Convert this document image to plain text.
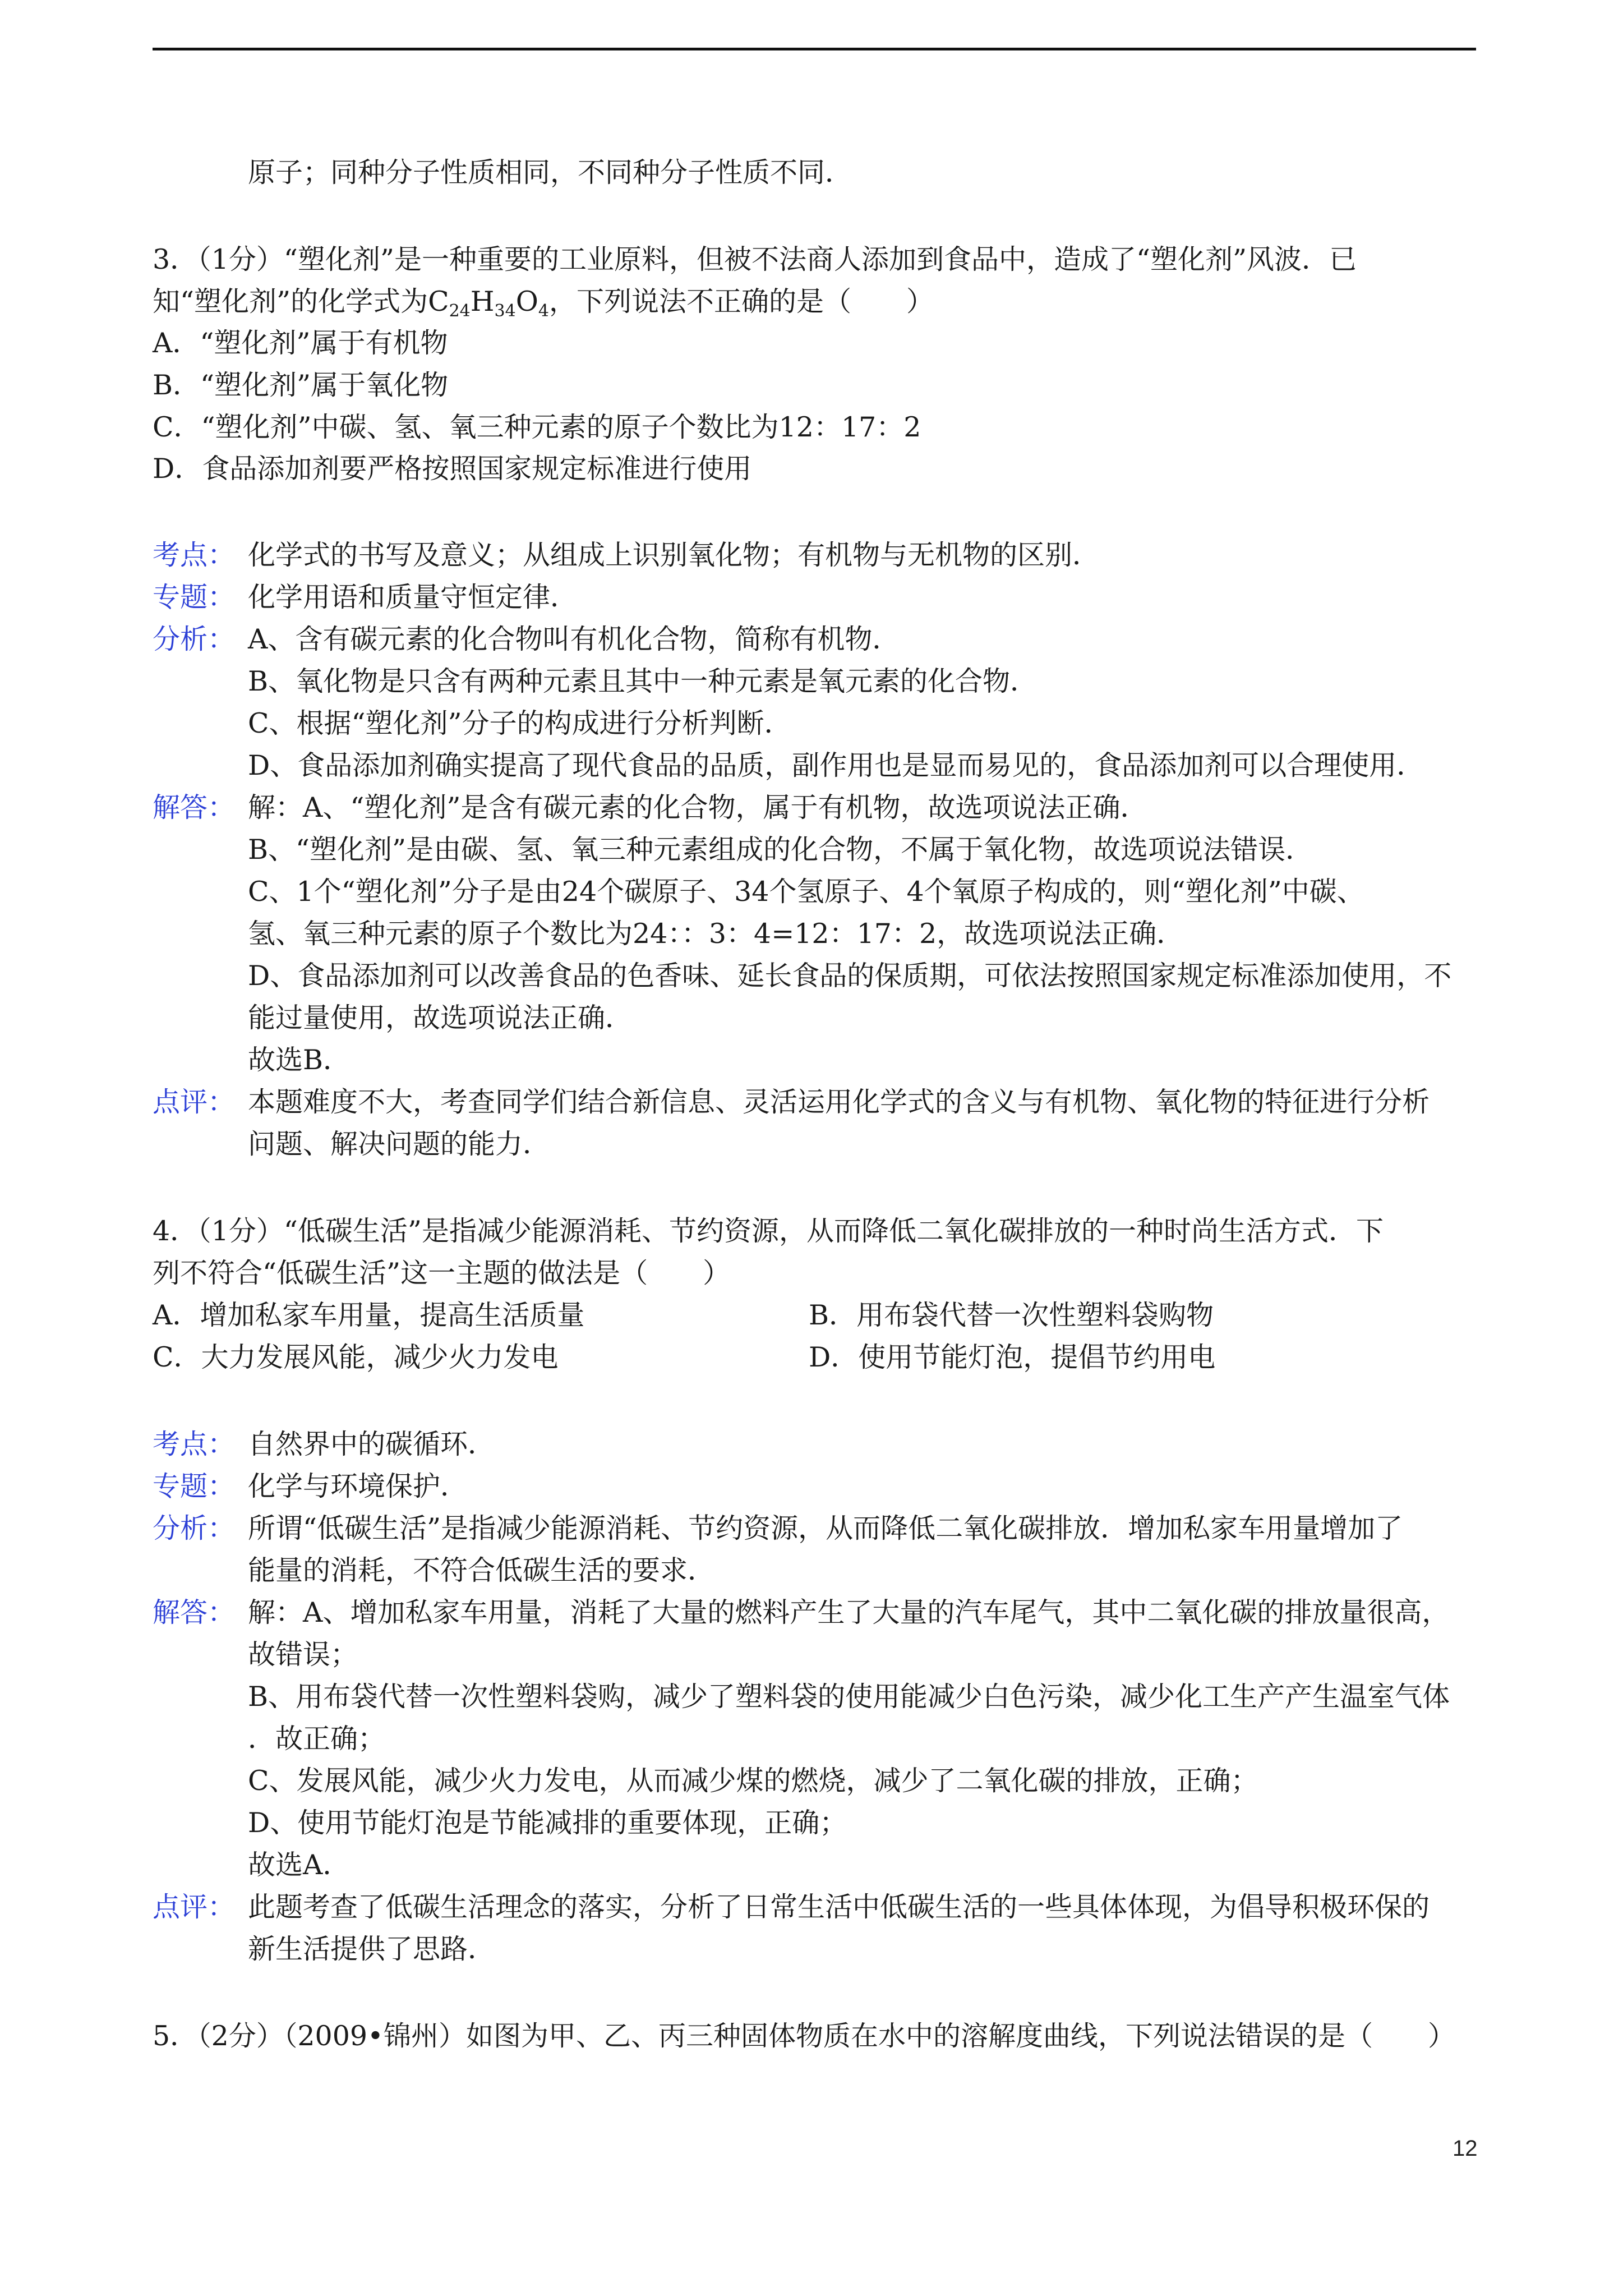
原子；同种分子性质相同，不同种分子性质不同．
3．（1分）“塑化剂”是一种重要的工业原料，但被不法商人添加到食品中，造成了“塑化剂”风波．已
知“塑化剂”的化学式为$C_{24}H_{34}O_4$，下列说法不正确的是（　　）
A．“塑化剂”属于有机物
B．“塑化剂”属于氧化物
C．“塑化剂”中碳、氢、氧三种元素的原子个数比为12：17：2
D．食品添加剂要严格按照国家规定标准进行使用
考点： 化学式的书写及意义；从组成上识别氧化物；有机物与无机物的区别．
专题： 化学用语和质量守恒定律．
分析： A、含有碳元素的化合物叫有机化合物，简称有机物．
B、氧化物是只含有两种元素且其中一种元素是氧元素的化合物．
C、根据“塑化剂”分子的构成进行分析判断．
D、食品添加剂确实提高了现代食品的品质，副作用也是显而易见的，食品添加剂可以合理使用．
解答： 解：A、“塑化剂”是含有碳元素的化合物，属于有机物，故选项说法正确．
B、“塑化剂”是由碳、氢、氧三种元素组成的化合物，不属于氧化物，故选项说法错误．
C、1个“塑化剂”分子是由24个碳原子、34个氢原子、4个氧原子构成的，则“塑化剂”中碳、
氢、氧三种元素的原子个数比为24：：3：4=12：17：2，故选项说法正确．
D、食品添加剂可以改善食品的色香味、延长食品的保质期，可依法按照国家规定标准添加使用，不
能过量使用，故选项说法正确．
故选B．
点评： 本题难度不大，考查同学们结合新信息、灵活运用化学式的含义与有机物、氧化物的特征进行分析
问题、解决问题的能力．
4．（1分）“低碳生活”是指减少能源消耗、节约资源，从而降低二氧化碳排放的一种时尚生活方式．下
列不符合“低碳生活”这一主题的做法是（　　）
A．增加私家车用量，提高生活质量	B．用布袋代替一次性塑料袋购物
C．大力发展风能，减少火力发电	D．使用节能灯泡，提倡节约用电
考点： 自然界中的碳循环．
专题： 化学与环境保护．
分析： 所谓“低碳生活”是指减少能源消耗、节约资源，从而降低二氧化碳排放．增加私家车用量增加了
能量的消耗，不符合低碳生活的要求．
解答： 解：A、增加私家车用量，消耗了大量的燃料产生了大量的汽车尾气，其中二氧化碳的排放量很高，
故错误；
B、用布袋代替一次性塑料袋购，减少了塑料袋的使用能减少白色污染，减少化工生产产生温室气体
．故正确；
C、发展风能，减少火力发电，从而减少煤的燃烧，减少了二氧化碳的排放，正确；
D、使用节能灯泡是节能减排的重要体现，正确；
故选A．
点评： 此题考查了低碳生活理念的落实，分析了日常生活中低碳生活的一些具体体现，为倡导积极环保的
新生活提供了思路．
5．（2分）（2009•锦州）如图为甲、乙、丙三种固体物质在水中的溶解度曲线，下列说法错误的是（　　）
12
